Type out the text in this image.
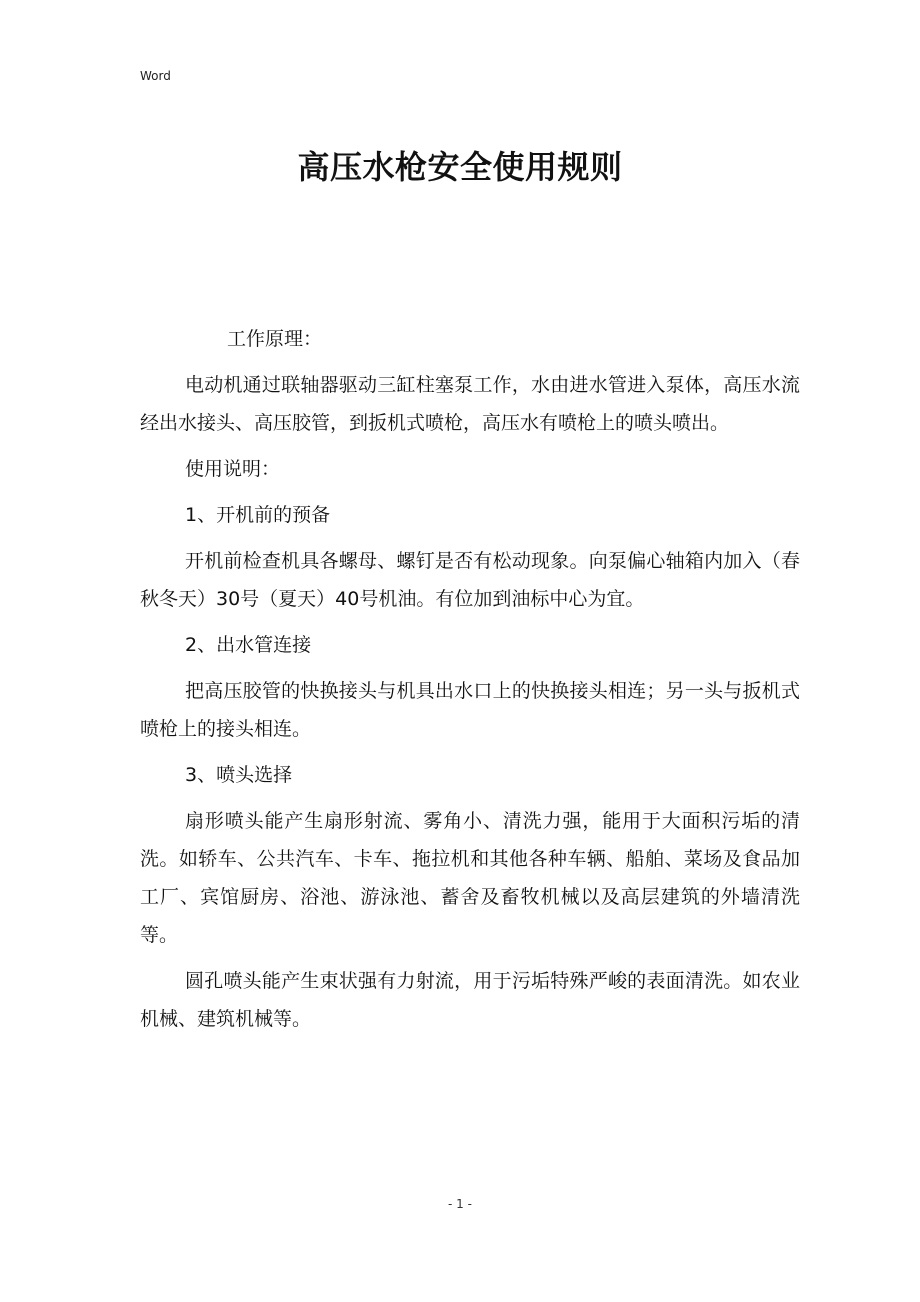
Word
高压水枪安全使用规则

工作原理：

电动机通过联轴器驱动三缸柱塞泵工作，水由进水管进入泵体，高压水流经出水接头、高压胶管，到扳机式喷枪，高压水有喷枪上的喷头喷出。

使用说明：

1、开机前的预备

开机前检查机具各螺母、螺钉是否有松动现象。向泵偏心轴箱内加入（春秋冬天）30号（夏天）40号机油。有位加到油标中心为宜。

2、出水管连接

把高压胶管的快换接头与机具出水口上的快换接头相连；另一头与扳机式喷枪上的接头相连。

3、喷头选择

扇形喷头能产生扇形射流、雾角小、清洗力强，能用于大面积污垢的清洗。如轿车、公共汽车、卡车、拖拉机和其他各种车辆、船舶、菜场及食品加工厂、宾馆厨房、浴池、游泳池、蓄舍及畜牧机械以及高层建筑的外墙清洗等。

圆孔喷头能产生束状强有力射流，用于污垢特殊严峻的表面清洗。如农业机械、建筑机械等。

- 1 -
